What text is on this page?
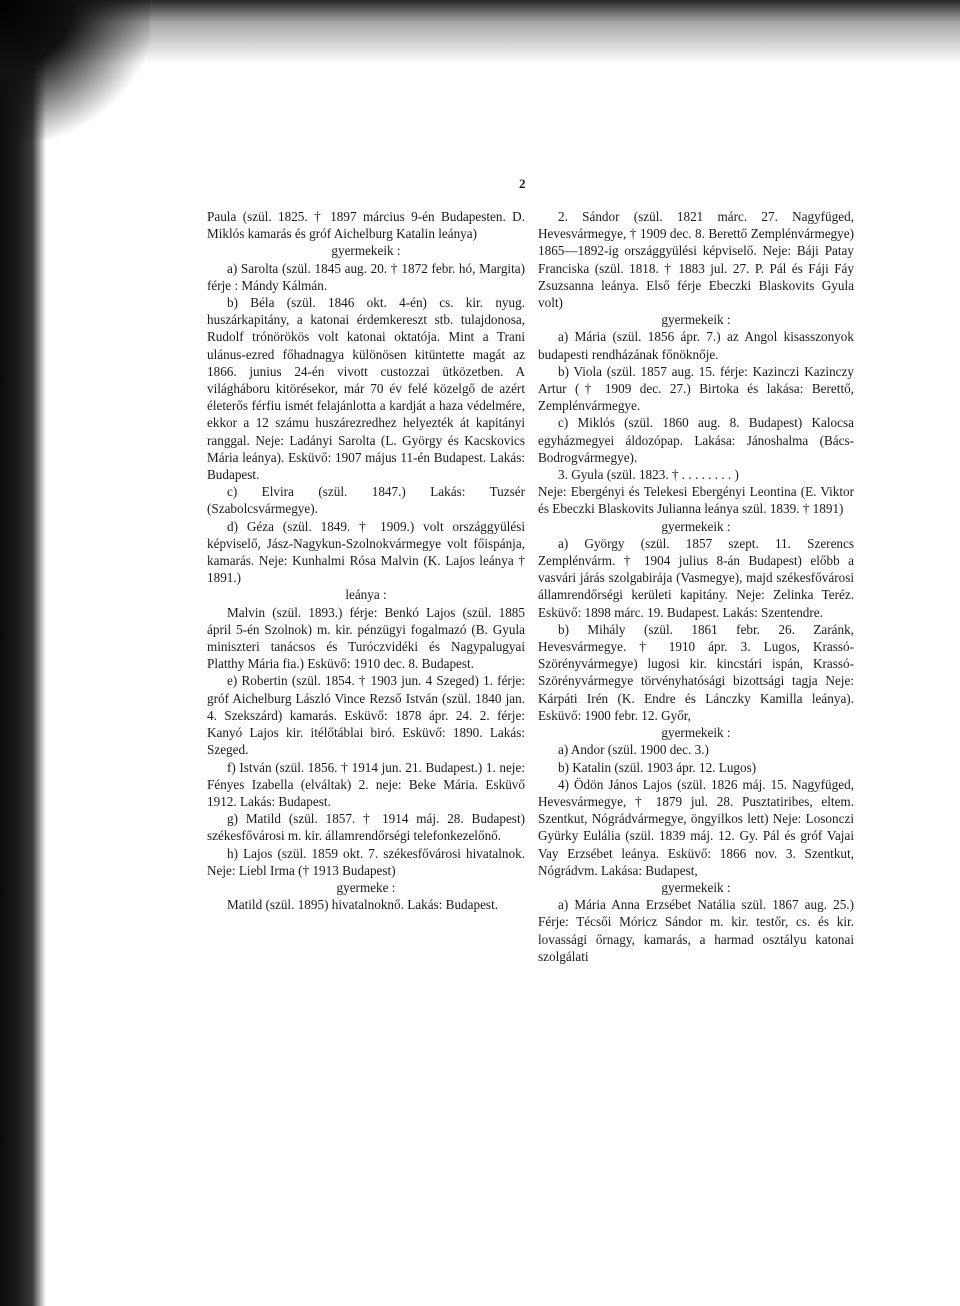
2

Paula (szül. 1825. † 1897 március 9-én Budapesten. D. Miklós kamarás és gróf Aichelburg Katalin leánya)

gyermekeik :

a) Sarolta (szül. 1845 aug. 20. † 1872 febr. hó, Margita) férje : Mándy Kálmán.

b) Béla (szül. 1846 okt. 4-én) cs. kir. nyug. huszárkapitány, a katonai érdemkereszt stb. tulajdonosa, Rudolf trónörökös volt katonai oktatója. Mint a Trani ulánus-ezred főhadnagya különösen kitüntette magát az 1866. junius 24-én vivott custozzai ütközetben. A világháboru kitörésekor, már 70 év felé közelgő de azért életerős férfiu ismét felajánlotta a kardját a haza védelmére, ekkor a 12 számu huszárezredhez helyezték át kapitányi ranggal. Neje: Ladányi Sarolta (L. György és Kacskovics Mária leánya). Esküvő: 1907 május 11-én Budapest. Lakás: Budapest.

c) Elvira (szül. 1847.) Lakás: Tuzsér (Szabolcsvármegye).

d) Géza (szül. 1849. † 1909.) volt országgyülési képviselő, Jász-Nagykun-Szolnokvármegye volt főispánja, kamarás. Neje: Kunhalmi Rósa Malvin (K. Lajos leánya † 1891.)

leánya :

Malvin (szül. 1893.) férje: Benkó Lajos (szül. 1885 ápril 5-én Szolnok) m. kir. pénzügyi fogalmazó (B. Gyula miniszteri tanácsos és Turóczvidéki és Nagypalugyai Platthy Mária fia.) Esküvő: 1910 dec. 8. Budapest.

e) Robertin (szül. 1854. † 1903 jun. 4 Szeged) 1. férje: gróf Aichelburg László Vince Rezső István (szül. 1840 jan. 4. Szekszárd) kamarás. Esküvő: 1878 ápr. 24. 2. férje: Kanyó Lajos kir. itélőtáblai biró. Esküvő: 1890. Lakás: Szeged.

f) István (szül. 1856. † 1914 jun. 21. Budapest.) 1. neje: Fényes Izabella (elváltak) 2. neje: Beke Mária. Esküvő 1912. Lakás: Budapest.

g) Matild (szül. 1857. † 1914 máj. 28. Budapest) székesfővárosi m. kir. államrendőrségi telefonkezelőnő.

h) Lajos (szül. 1859 okt. 7. székesfővárosi hivatalnok. Neje: Liebl Irma († 1913 Budapest)

gyermeke :

Matild (szül. 1895) hivatalnoknő. Lakás: Budapest.

2. Sándor (szül. 1821 márc. 27. Nagyfüged, Hevesvármegye, † 1909 dec. 8. Berettő Zemplénvármegye) 1865—1892-ig országgyülési képviselő. Neje: Báji Patay Franciska (szül. 1818. † 1883 jul. 27. P. Pál és Fáji Fáy Zsuzsanna leánya. Első férje Ebeczki Blaskovits Gyula volt)

gyermekeik :

a) Mária (szül. 1856 ápr. 7.) az Angol kisasszonyok budapesti rendházának főnöknője.

b) Viola (szül. 1857 aug. 15. férje: Kazinczi Kazinczy Artur († 1909 dec. 27.) Birtoka és lakása: Berettő, Zemplénvármegye.

c) Miklós (szül. 1860 aug. 8. Budapest) Kalocsa egyházmegyei áldozópap. Lakása: Jánoshalma (Bács-Bodrogvármegye).

3. Gyula (szül. 1823. † . . . . . . . . )

Neje: Ebergényi és Telekesi Ebergényi Leontina (E. Viktor és Ebeczki Blaskovits Julianna leánya szül. 1839. † 1891)

gyermekeik :

a) György (szül. 1857 szept. 11. Szerencs Zemplénvárm. † 1904 julius 8-án Budapest) előbb a vasvári járás szolgabirája (Vasmegye), majd székesfővárosi államrendőrségi kerületi kapitány. Neje: Zelinka Teréz. Esküvő: 1898 márc. 19. Budapest. Lakás: Szentendre.

b) Mihály (szül. 1861 febr. 26. Zaránk, Hevesvármegye. † 1910 ápr. 3. Lugos, Krassó-Szörényvármegye) lugosi kir. kincstári ispán, Krassó-Szörényvármegye törvényhatósági bizottsági tagja Neje: Kárpáti Irén (K. Endre és Lánczky Kamilla leánya). Esküvő: 1900 febr. 12. Győr,

gyermekeik :

a) Andor (szül. 1900 dec. 3.)

b) Katalin (szül. 1903 ápr. 12. Lugos)

4) Ödön János Lajos (szül. 1826 máj. 15. Nagyfüged, Hevesvármegye, † 1879 jul. 28. Pusztatiribes, eltem. Szentkut, Nógrádvármegye, öngyilkos lett) Neje: Losonczi Gyürky Eulália (szül. 1839 máj. 12. Gy. Pál és gróf Vajai Vay Erzsébet leánya. Esküvő: 1866 nov. 3. Szentkut, Nógrádvm. Lakása: Budapest,

gyermekeik :

a) Mária Anna Erzsébet Natália szül. 1867 aug. 25.) Férje: Técsői Móricz Sándor m. kir. testőr, cs. és kir. lovassági őrnagy, kamarás, a harmad osztályu katonai szolgálati
